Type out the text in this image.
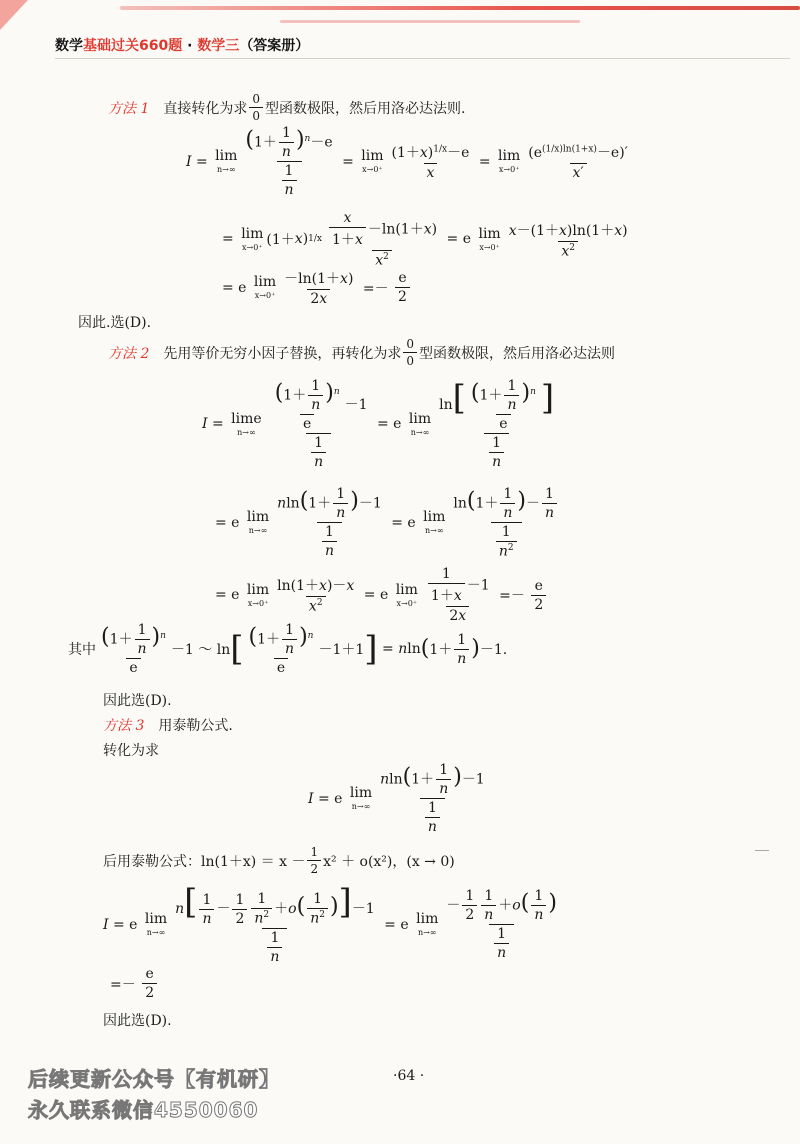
数学基础过关660题 · 数学三（答案册）
方法 1 直接转化为求 $\frac{0}{0}$ 型函数极限，然后用洛必达法则.
I = lim
$n\to\infty \frac{(1+ \frac{1}{n} )^n-e}{\frac{1}{n}} = \lim$
$x\to 0^+ \frac{(1+x)^{1/x}-e}{x} = \lim$
$x\to 0^+ \frac{(e^{(1/x)ln(1+x)}-e)'}{x'}$
= lim
x→0⁺ (1＋ x ) $1/x \frac{\frac{x}{1+x} -\ln(1+x)}{x^2} = e$ lim
$x\to 0^+ \frac{x-(1+x)\ln(1+x)}{x^2}$
= e lim
$x\to 0^+ \frac{-\ln(1+x)}{2x} =- \frac{e}{2}$
因此.选(D).
方法 2 先用等价无穷小因子替换，再转化为求 $\frac{0}{0}$ 型函数极限，然后用洛必达法则
I = lime
$n\to\infty \frac{\frac{(1+ \frac{1}{n} )^n}{e} -1}{\frac{1}{n}} = e$ lim
$n\to\infty \frac{\ln[ \frac{(1+ \frac{1}{n} )^n}{e} ]}{\frac{1}{n}}$
= e lim
$n\to\infty \frac{nln(1+ \frac{1}{n} )-1}{\frac{1}{n}} = e$ lim
$n\to\infty \frac{\ln(1+ \frac{1}{n} )- \frac{1}{n}}{\frac{1}{n^2}}$
= e lim
$x\to 0^+ \frac{\ln(1+x)-x}{x^2} = e$ lim
$x\to 0^+ \frac{\frac{1}{1+x} -1}{2x} =- \frac{e}{2}$
其中 $\frac{(1+ \frac{1}{n} )^n}{e} -1$ ～ ln [ $\frac{(1+ \frac{1}{n} )^n}{e} -1+1$ ] = n ln ( $1+ \frac{1}{n}$ ) －1.
因此选(D).
方法 3 用泰勒公式.
转化为求
I = e lim
$n\to\infty \frac{nln(1+ \frac{1}{n} )-1}{\frac{1}{n}}$
后用泰勒公式：$\ln(1+x) = x - \frac{1}{2} x^2 + o(x^2)$，(x → 0)
I = e lim
$n\to\infty \frac{n[ \frac{1}{n} - \frac{1}{2} \frac{1}{n^2} +o( \frac{1}{n^2} )]-1}{\frac{1}{n}} = e$ lim
$n\to\infty \frac{- \frac{1}{2} \frac{1}{n} +o( \frac{1}{n} )}{\frac{1}{n}}$
=－ $\frac{e}{2}$
因此选(D).
·64 ·
后续更新公众号【有机研】
永久联系微信4550060
